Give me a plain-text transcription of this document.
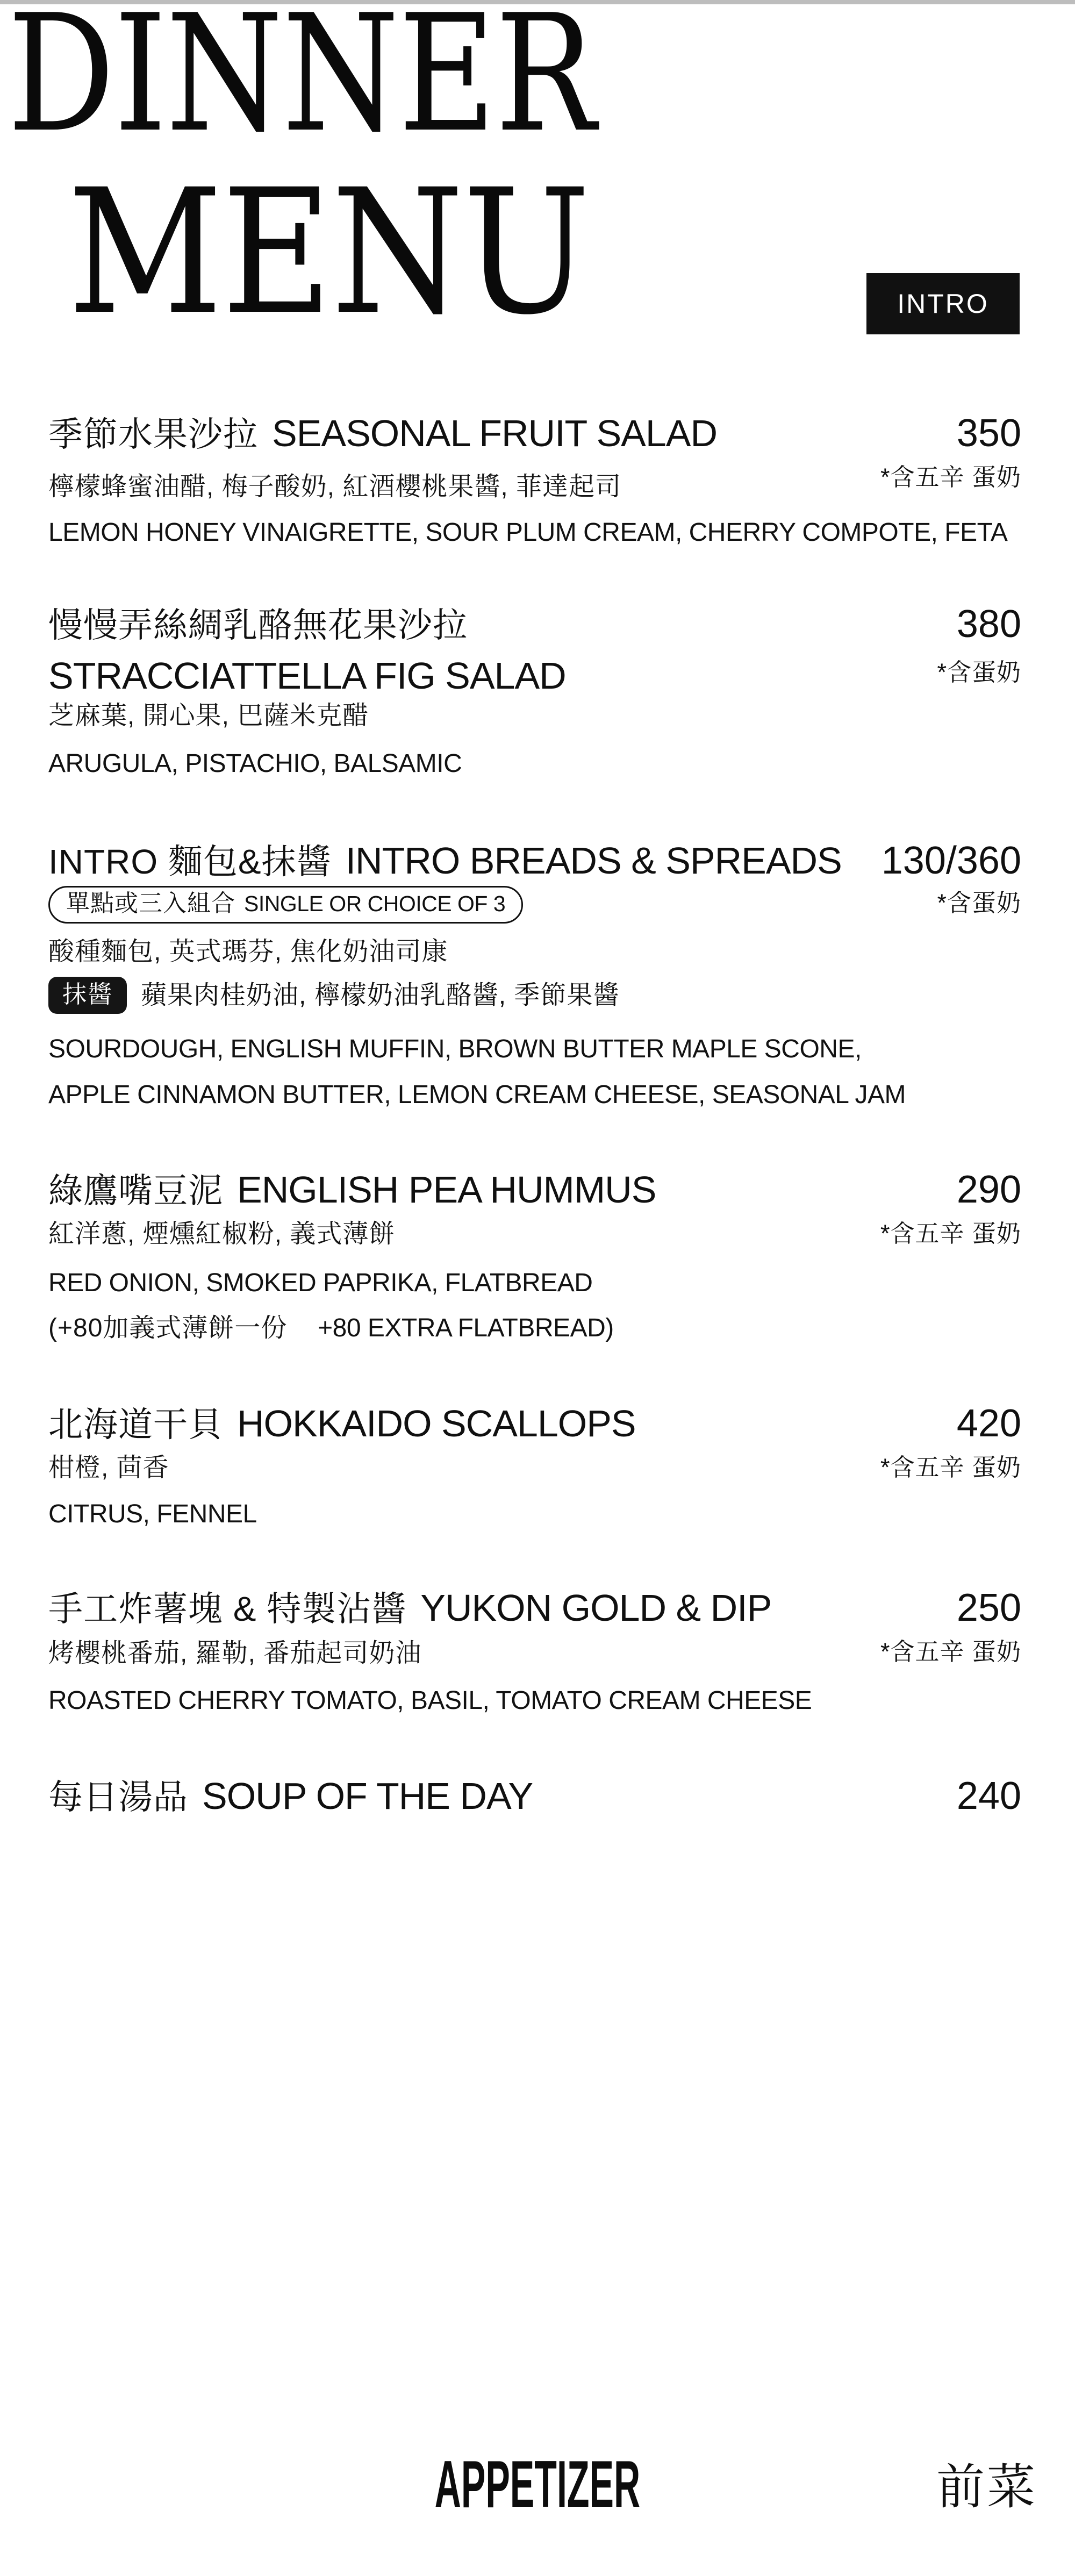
DINNER
MENU	INTRO
季節水果沙拉 SEASONAL FRUIT SALAD	350
*含五辛 蛋奶
檸檬蜂蜜油醋, 梅子酸奶, 紅酒櫻桃果醬, 菲達起司
LEMON HONEY VINAIGRETTE, SOUR PLUM CREAM, CHERRY COMPOTE, FETA
慢慢弄絲綢乳酪無花果沙拉	380
STRACCIATTELLA FIG SALAD	*含蛋奶
芝麻葉, 開心果, 巴薩米克醋
ARUGULA, PISTACHIO, BALSAMIC
INTRO 麵包&抹醬 INTRO BREADS & SPREADS 130/360
單點或三入組合 SINGLE OR CHOICE OF 3	*含蛋奶
酸種麵包, 英式瑪芬, 焦化奶油司康
抹醬	蘋果肉桂奶油, 檸檬奶油乳酪醬, 季節果醬
SOURDOUGH, ENGLISH MUFFIN, BROWN BUTTER MAPLE SCONE,
APPLE CINNAMON BUTTER, LEMON CREAM CHEESE, SEASONAL JAM
綠鷹嘴豆泥 ENGLISH PEA HUMMUS	290
*含五辛 蛋奶
紅洋蔥, 煙燻紅椒粉, 義式薄餅
RED ONION, SMOKED PAPRIKA, FLATBREAD
(+80加義式薄餅一份 +80 EXTRA FLATBREAD)
北海道干貝 HOKKAIDO SCALLOPS	420
*含五辛 蛋奶
柑橙, 茴香
CITRUS, FENNEL
手工炸薯塊 & 特製沾醬 YUKON GOLD & DIP	250
*含五辛 蛋奶
烤櫻桃番茄, 羅勒, 番茄起司奶油
ROASTED CHERRY TOMATO, BASIL, TOMATO CREAM CHEESE
每日湯品 SOUP OF THE DAY	240
APPETIZER	前菜
